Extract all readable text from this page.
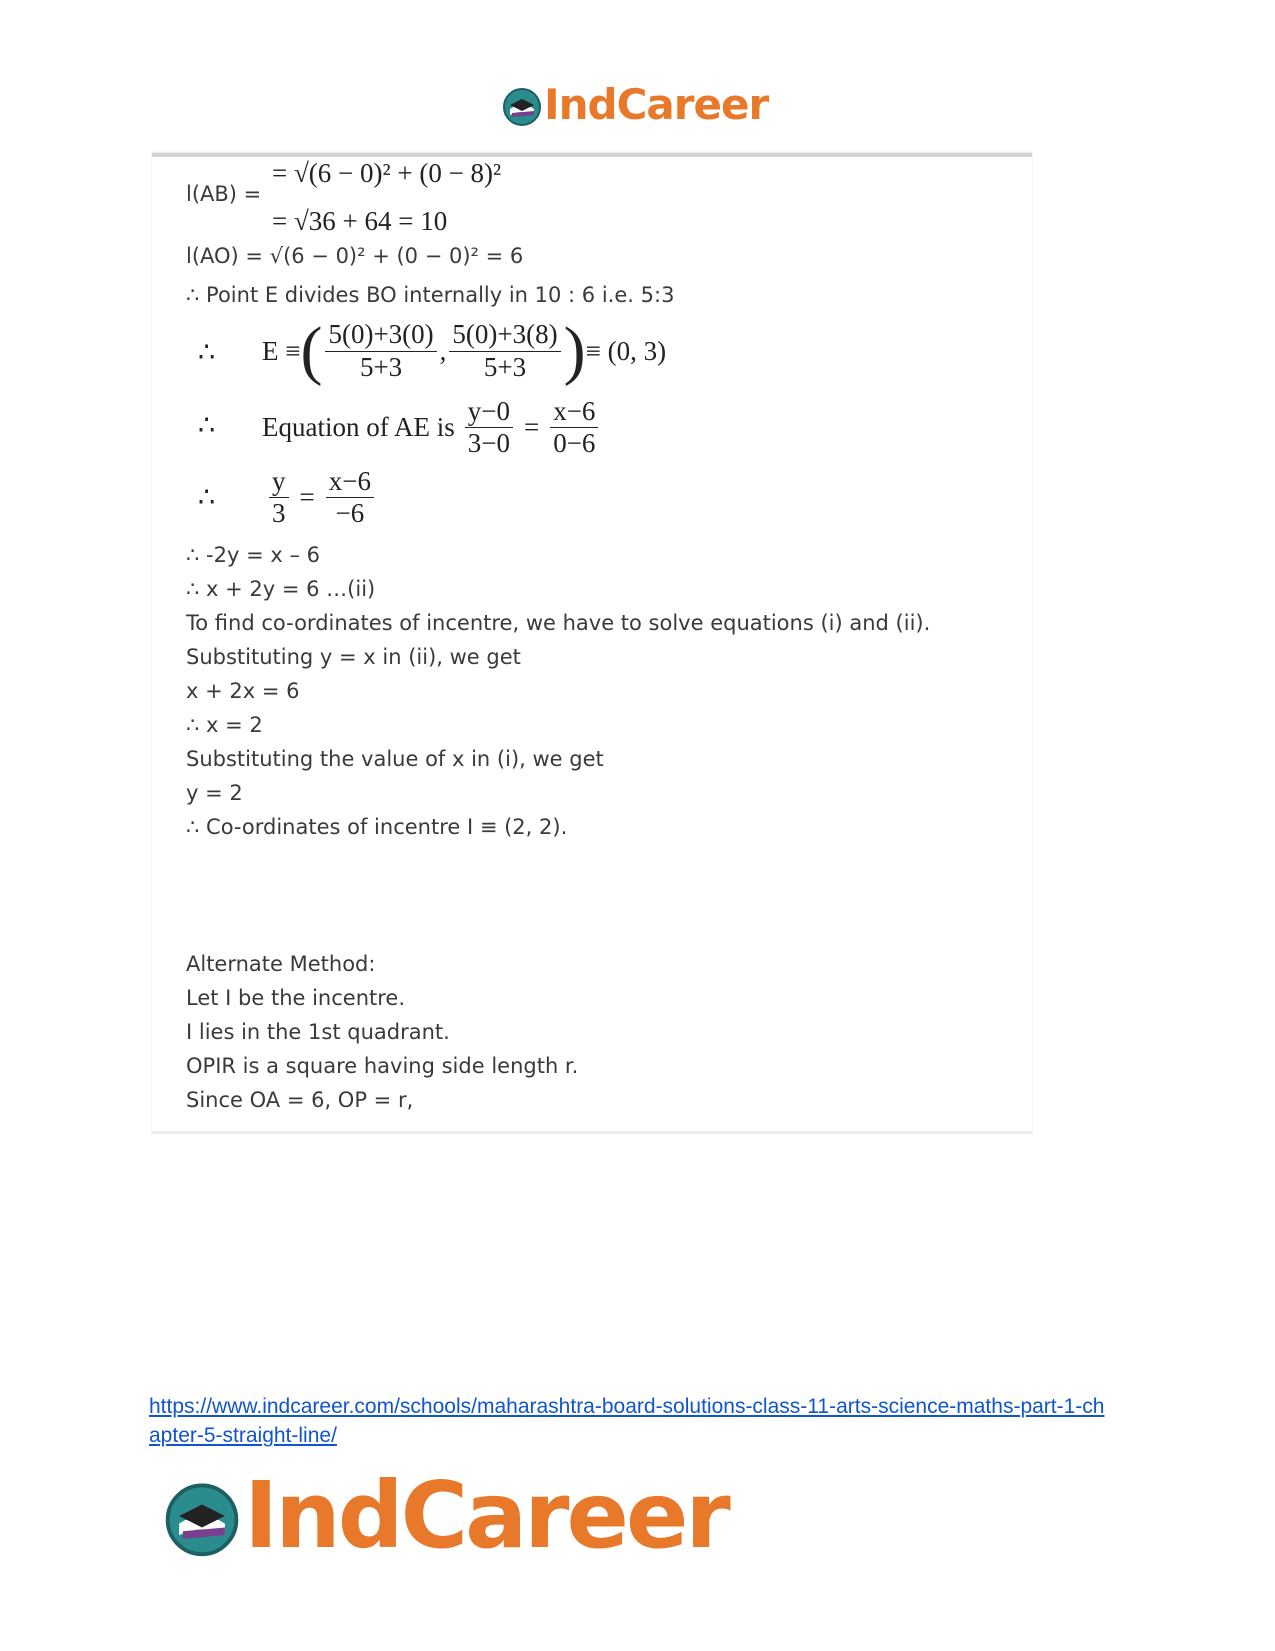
IndCareer
l(AB) =
= √(6 − 0)² + (0 − 8)²
= √36 + 64 = 10
l(AO) = √(6 − 0)² + (0 − 0)² = 6
∴ Point E divides BO internally in 10 : 6 i.e. 5:3
∴ E ≡ ( $\frac{5(0)+3(0)}{5+3}$ , $\frac{5(0)+3(8)}{5+3}$ ) ≡ (0, 3)
∴ Equation of AE is $\frac{y-0}{3-0} = \frac{x-6}{0-6}$
∴ $\frac{y}{3} = \frac{x-6}{-6}$
∴ -2y = x – 6
∴ x + 2y = 6 …(ii)
To find co-ordinates of incentre, we have to solve equations (i) and (ii).
Substituting y = x in (ii), we get
x + 2x = 6
∴ x = 2
Substituting the value of x in (i), we get
y = 2
∴ Co-ordinates of incentre I ≡ (2, 2).
Alternate Method:
Let I be the incentre.
I lies in the 1st quadrant.
OPIR is a square having side length r.
Since OA = 6, OP = r,
https://www.indcareer.com/schools/maharashtra-board-solutions-class-11-arts-science-maths-part-1-chapter-5-straight-line/
IndCareer
